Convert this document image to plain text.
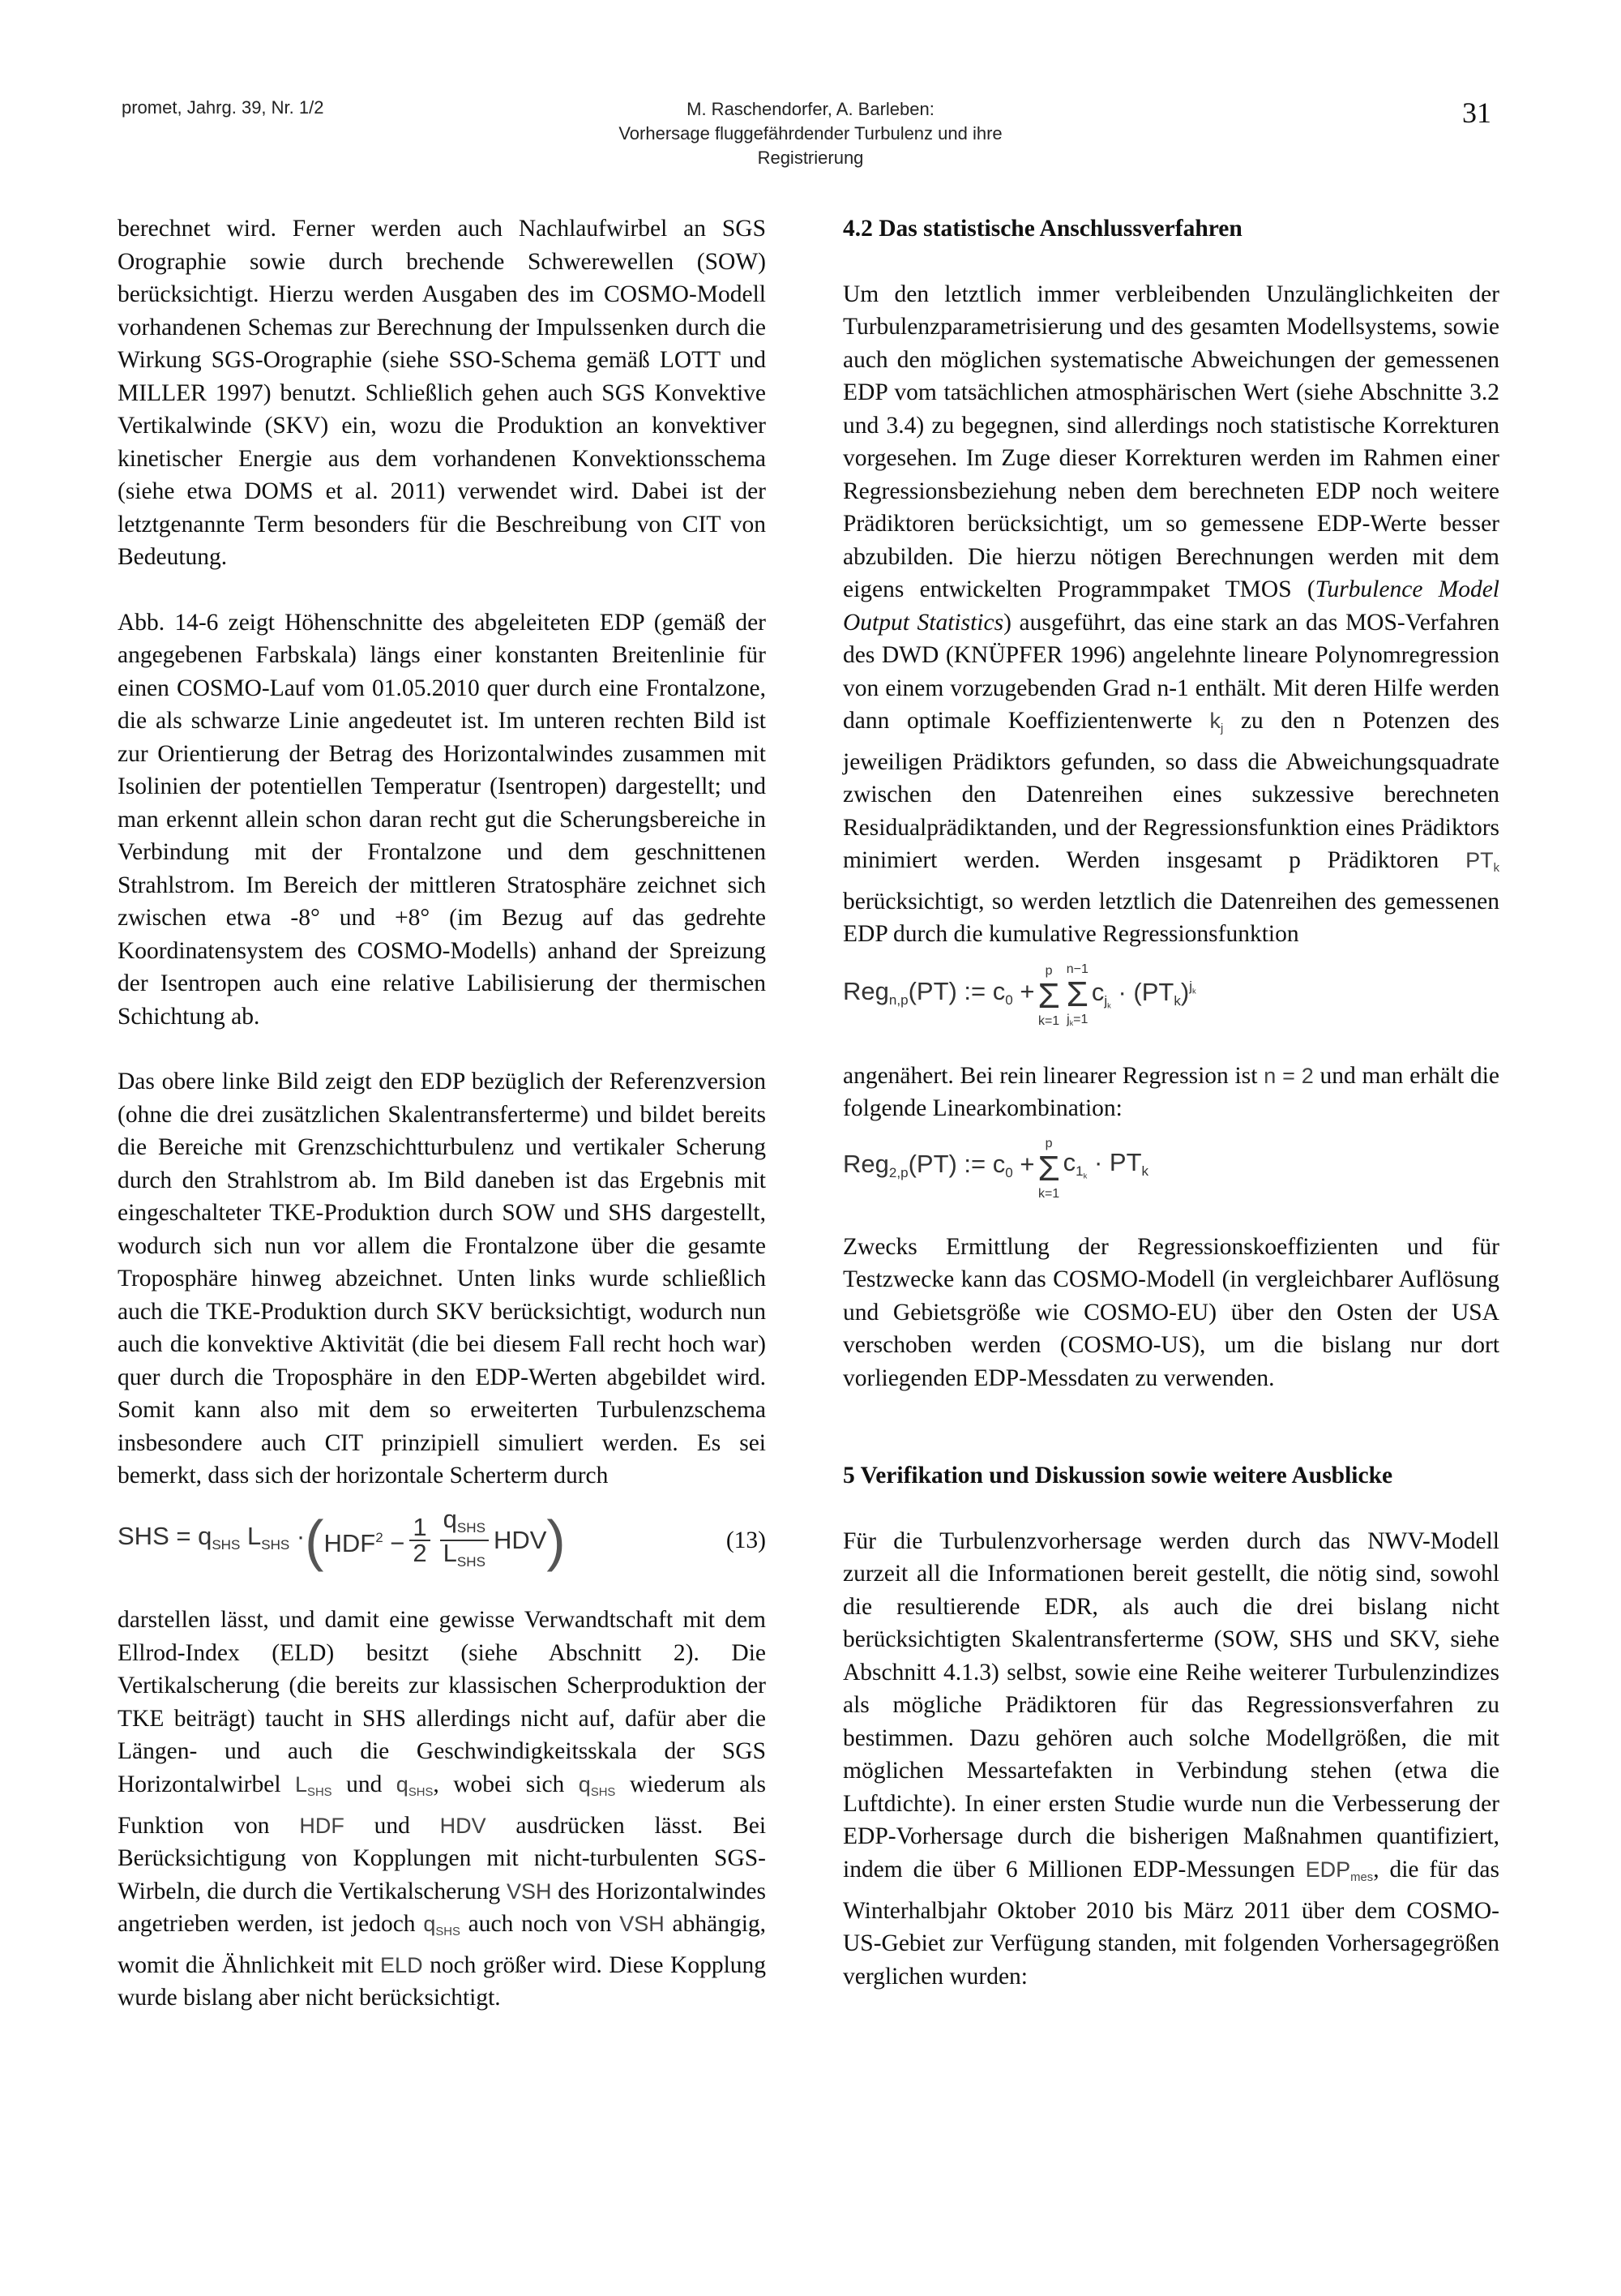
promet, Jahrg. 39, Nr. 1/2	M. Raschendorfer, A. Barleben:
Vorhersage fluggefährdender Turbulenz und ihre Registrierung
31

berechnet wird. Ferner werden auch Nachlaufwirbel an SGS Orographie sowie durch brechende Schwerewellen (SOW) berücksichtigt. Hierzu werden Ausgaben des im COSMO-Modell vorhandenen Schemas zur Berechnung der Impulssenken durch die Wirkung SGS-Orographie (siehe SSO-Schema gemäß LOTT und MILLER 1997) benutzt. Schließlich gehen auch SGS Konvektive Vertikalwinde (SKV) ein, wozu die Produktion an konvektiver kinetischer Energie aus dem vorhandenen Konvektionsschema (siehe etwa DOMS et al. 2011) verwendet wird. Dabei ist der letztgenannte Term besonders für die Beschreibung von CIT von Bedeutung.

Abb. 14-6 zeigt Höhenschnitte des abgeleiteten EDP (gemäß der angegebenen Farbskala) längs einer konstanten Breitenlinie für einen COSMO-Lauf vom 01.05.2010 quer durch eine Frontalzone, die als schwarze Linie angedeutet ist. Im unteren rechten Bild ist zur Orientierung der Betrag des Horizontalwindes zusammen mit Isolinien der potentiellen Temperatur (Isentropen) dargestellt; und man erkennt allein schon daran recht gut die Scherungsbereiche in Verbindung mit der Frontalzone und dem geschnittenen Strahlstrom. Im Bereich der mittleren Stratosphäre zeichnet sich zwischen etwa -8° und +8° (im Bezug auf das gedrehte Koordinatensystem des COSMO-Modells) anhand der Spreizung der Isentropen auch eine relative Labilisierung der thermischen Schichtung ab.

Das obere linke Bild zeigt den EDP bezüglich der Referenzversion (ohne die drei zusätzlichen Skalentransferterme) und bildet bereits die Bereiche mit Grenzschichtturbulenz und vertikaler Scherung durch den Strahlstrom ab. Im Bild daneben ist das Ergebnis mit eingeschalteter TKE-Produktion durch SOW und SHS dargestellt, wodurch sich nun vor allem die Frontalzone über die gesamte Troposphäre hinweg abzeichnet. Unten links wurde schließlich auch die TKE-Produktion durch SKV berücksichtigt, wodurch nun auch die konvektive Aktivität (die bei diesem Fall recht hoch war) quer durch die Troposphäre in den EDP-Werten abgebildet wird. Somit kann also mit dem so erweiterten Turbulenzschema insbesondere auch CIT prinzipiell simuliert werden. Es sei bemerkt, dass sich der horizontale Scherterm durch

SHS = $q_{SHS}$ $L_{SHS}$ · ( $HDF^2 - \frac{1}{2} \frac{q_{SHS}}{L_{SHS}}$ HDV )	(13)

darstellen lässt, und damit eine gewisse Verwandtschaft mit dem Ellrod-Index (ELD) besitzt (siehe Abschnitt 2). Die Vertikalscherung (die bereits zur klassischen Scherproduktion der TKE beiträgt) taucht in SHS allerdings nicht auf, dafür aber die Längen- und auch die Geschwindigkeitsskala der SGS Horizontalwirbel $L_{SHS}$ und $q_{SHS}$, wobei sich $q_{SHS}$ wiederum als Funktion von HDF und HDV ausdrücken lässt. Bei Berücksichtigung von Kopplungen mit nicht-turbulenten SGS-Wirbeln, die durch die Vertikalscherung VSH des Horizontalwindes angetrieben werden, ist jedoch $q_{SHS}$ auch noch von VSH abhängig, womit die Ähnlichkeit mit ELD noch größer wird. Diese Kopplung wurde bislang aber nicht berücksichtigt.

4.2 Das statistische Anschlussverfahren

Um den letztlich immer verbleibenden Unzulänglichkeiten der Turbulenzparametrisierung und des gesamten Modellsystems, sowie auch den möglichen systematische Abweichungen der gemessenen EDP vom tatsächlichen atmosphärischen Wert (siehe Abschnitte 3.2 und 3.4) zu begegnen, sind allerdings noch statistische Korrekturen vorgesehen. Im Zuge dieser Korrekturen werden im Rahmen einer Regressionsbeziehung neben dem berechneten EDP noch weitere Prädiktoren berücksichtigt, um so gemessene EDP-Werte besser abzubilden. Die hierzu nötigen Berechnungen werden mit dem eigens entwickelten Programmpaket TMOS (Turbulence Model Output Statistics) ausgeführt, das eine stark an das MOS-Verfahren des DWD (KNÜPFER 1996) angelehnte lineare Polynomregression von einem vorzugebenden Grad n-1 enthält. Mit deren Hilfe werden dann optimale Koeffizientenwerte $k_j$ zu den n Potenzen des jeweiligen Prädiktors gefunden, so dass die Abweichungsquadrate zwischen den Datenreihen eines sukzessive berechneten Residualprädiktanden, und der Regressionsfunktion eines Prädiktors minimiert werden. Werden insgesamt p Prädiktoren $PT_k$ berücksichtigt, so werden letztlich die Datenreihen des gemessenen EDP durch die kumulative Regressionsfunktion

Reg$_{n,p}$(PT) := $c_0$ +
p
Σ
k=1
n−1
Σ
$j_k=1$
$c_{j_k} \cdot (PT_k)^{j_k}$

angenähert. Bei rein linearer Regression ist n = 2 und man erhält die folgende Linearkombination:

Reg$_{2,p}$(PT) := $c_0$ +
p
Σ
k=1
$c_{1_k} \cdot PT_k$

Zwecks Ermittlung der Regressionskoeffizienten und für Testzwecke kann das COSMO-Modell (in vergleichbarer Auflösung und Gebietsgröße wie COSMO-EU) über den Osten der USA verschoben werden (COSMO-US), um die bislang nur dort vorliegenden EDP-Messdaten zu verwenden.

5 Verifikation und Diskussion sowie weitere Ausblicke

Für die Turbulenzvorhersage werden durch das NWV-Modell zurzeit all die Informationen bereit gestellt, die nötig sind, sowohl die resultierende EDR, als auch die drei bislang nicht berücksichtigten Skalentransferterme (SOW, SHS und SKV, siehe Abschnitt 4.1.3) selbst, sowie eine Reihe weiterer Turbulenzindizes als mögliche Prädiktoren für das Regressionsverfahren zu bestimmen. Dazu gehören auch solche Modellgrößen, die mit möglichen Messartefakten in Verbindung stehen (etwa die Luftdichte). In einer ersten Studie wurde nun die Verbesserung der EDP-Vorhersage durch die bisherigen Maßnahmen quantifiziert, indem die über 6 Millionen EDP-Messungen $EDP_{mes}$, die für das Winterhalbjahr Oktober 2010 bis März 2011 über dem COSMO-US-Gebiet zur Verfügung standen, mit folgenden Vorhersagegrößen verglichen wurden:
